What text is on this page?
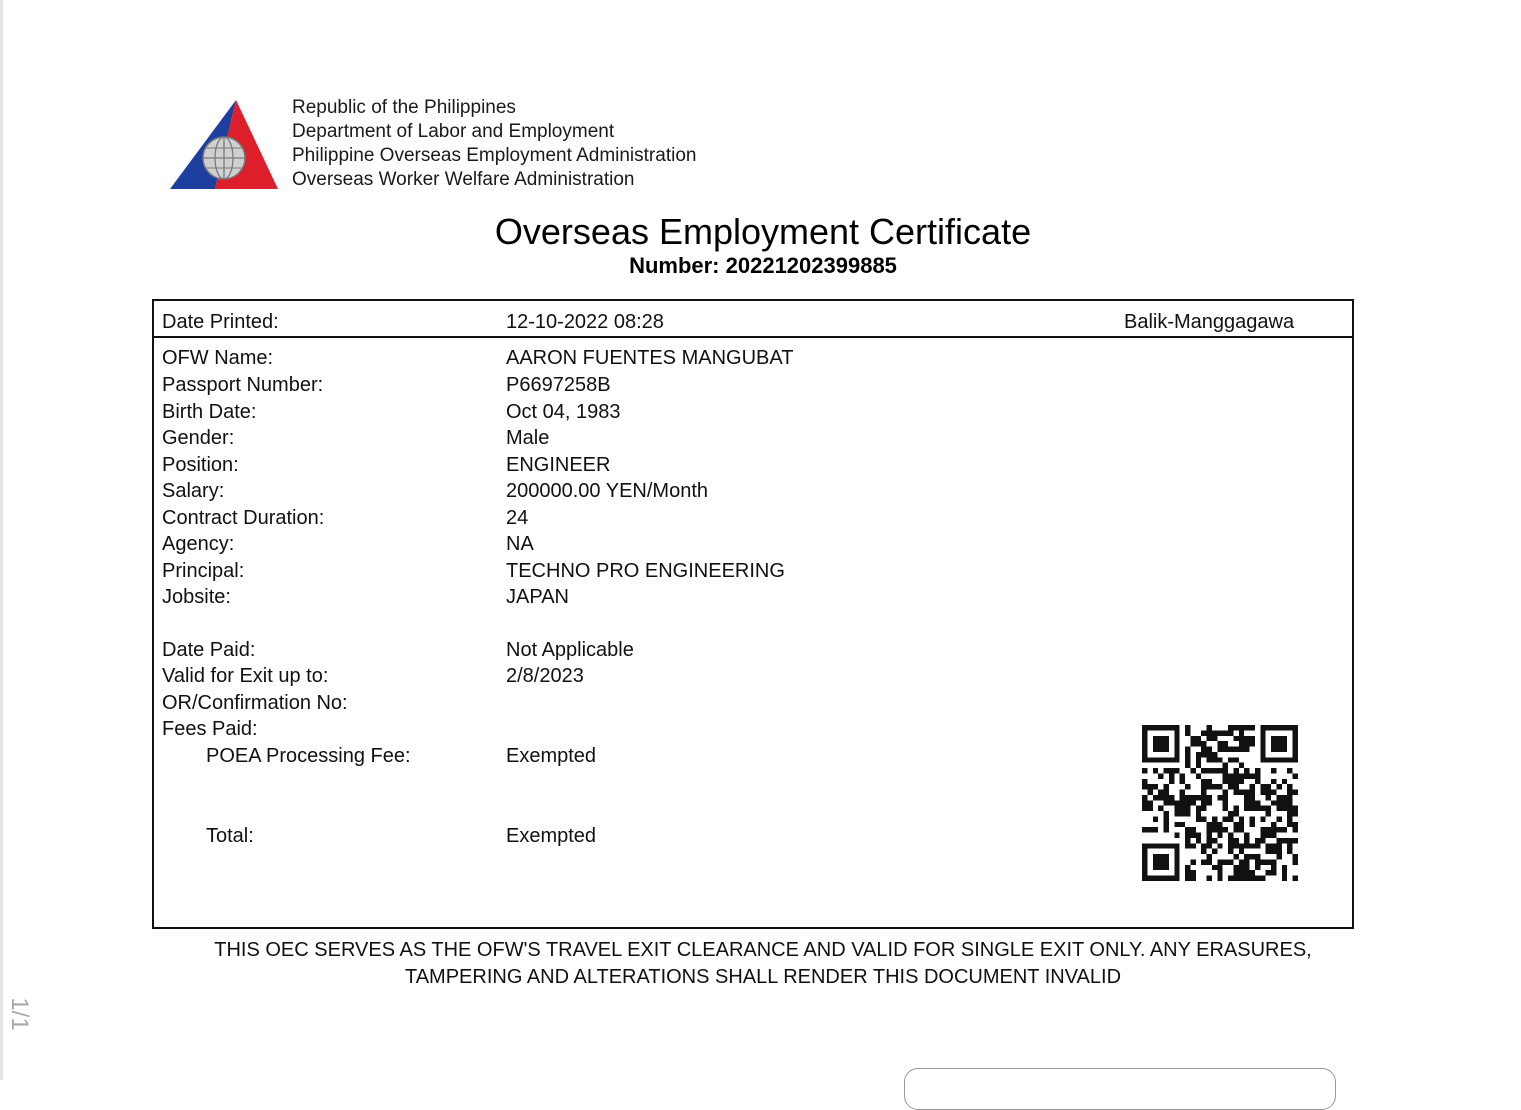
1/1
Republic of the Philippines
Department of Labor and Employment
Philippine Overseas Employment Administration
Overseas Worker Welfare Administration
Overseas Employment Certificate
Number: 20221202399885
Date Printed:	12-10-2022 08:28	Balik-Manggagawa
OFW Name:	AARON FUENTES MANGUBAT
Passport Number:	P6697258B
Birth Date:	Oct 04, 1983
Gender:	Male
Position:	ENGINEER
Salary:	200000.00 YEN/Month
Contract Duration:	24
Agency:	NA
Principal:	TECHNO PRO ENGINEERING
Jobsite:	JAPAN
Date Paid:	Not Applicable
Valid for Exit up to:	2/8/2023
OR/Confirmation No:
Fees Paid:
POEA Processing Fee:	Exempted
Total:	Exempted
THIS OEC SERVES AS THE OFW'S TRAVEL EXIT CLEARANCE AND VALID FOR SINGLE EXIT ONLY. ANY ERASURES,
TAMPERING AND ALTERATIONS SHALL RENDER THIS DOCUMENT INVALID
